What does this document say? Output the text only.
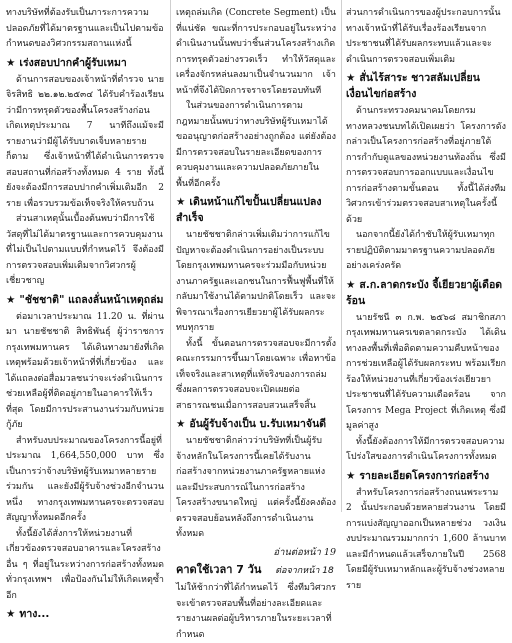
ทางบริษัทที่ต้องรับเป็นภาระการความปลอดภัยที่ได้มาตรฐานและเป็นไปตามข้อกำหนดของวิศวกรรมสถานแห่งนี้

★ เร่งสอบปากคำผู้รับเหมา

ด้านการสอบของเจ้าหน้าที่ตำรวจ นายจิรสิทธิ ๒๒.๑๒.๒๕๓๔ ได้รับคำร้องเรียนว่ามีการทรุดตัวของพื้นโครงสร้างก่อนเกิดเหตุประมาณ 7 นาทีถึงแม้จะมีรายงานว่ามีผู้ได้รับบาดเจ็บหลายรายก็ตาม ซึ่งเจ้าหน้าที่ได้ดำเนินการตรวจสอบสถานที่ก่อสร้างทั้งหมด 4 ราย ทั้งนี้ยังจะต้องมีการสอบปากคำเพิ่มเติมอีก 2 ราย เพื่อรวบรวมข้อเท็จจริงให้ครบถ้วน

ส่วนสาเหตุนั้นเบื้องต้นพบว่ามีการใช้วัสดุที่ไม่ได้มาตรฐานและการควบคุมงานที่ไม่เป็นไปตามแบบที่กำหนดไว้ จึงต้องมีการตรวจสอบเพิ่มเติมจากวิศวกรผู้เชี่ยวชาญ

★ "ชัชชาติ" แถลงลั่นหน้าเหตุถล่ม

ต่อมาเวลาประมาณ 11.20 น. ที่ผ่านมา นายชัชชาติ สิทธิพันธุ์ ผู้ว่าราชการกรุงเทพมหานคร ได้เดินทางมายังที่เกิดเหตุพร้อมด้วยเจ้าหน้าที่ที่เกี่ยวข้อง และได้แถลงต่อสื่อมวลชนว่าจะเร่งดำเนินการช่วยเหลือผู้ที่ติดอยู่ภายในอาคารให้เร็วที่สุด โดยมีการประสานงานร่วมกับหน่วยกู้ภัย

สำหรับงบประมาณของโครงการนี้อยู่ที่ประมาณ 1,664,550,000 บาท ซึ่งเป็นการว่าจ้างบริษัทผู้รับเหมาหลายรายร่วมกัน และยังมีผู้รับจ้างช่วงอีกจำนวนหนึ่ง ทางกรุงเทพมหานครจะตรวจสอบสัญญาทั้งหมดอีกครั้ง

ทั้งนี้ยังได้สั่งการให้หน่วยงานที่เกี่ยวข้องตรวจสอบอาคารและโครงสร้างอื่น ๆ ที่อยู่ในระหว่างการก่อสร้างทั้งหมดทั่วกรุงเทพฯ เพื่อป้องกันไม่ให้เกิดเหตุซ้ำอีก

★ ทาง...

เหตุถล่มเกิด (Concrete Segment) เป็นที่แน่ชัด ขณะที่การประกอบอยู่ในระหว่างดำเนินงานนั้นพบว่าชิ้นส่วนโครงสร้างเกิดการทรุดตัวอย่างรวดเร็ว ทำให้วัสดุและเครื่องจักรหล่นลงมาเป็นจำนวนมาก เจ้าหน้าที่จึงได้ปิดการจราจรโดยรอบทันที

ในส่วนของการดำเนินการตามกฎหมายนั้นพบว่าทางบริษัทผู้รับเหมาได้ขออนุญาตก่อสร้างอย่างถูกต้อง แต่ยังต้องมีการตรวจสอบในรายละเอียดของการควบคุมงานและความปลอดภัยภายในพื้นที่อีกครั้ง

★ เดินหน้าแก้ไขปั้นเปลี่ยนแปลงสำเร็จ

นายชัชชาติกล่าวเพิ่มเติมว่าการแก้ไขปัญหาจะต้องดำเนินการอย่างเป็นระบบ โดยกรุงเทพมหานครจะร่วมมือกับหน่วยงานภาครัฐและเอกชนในการฟื้นฟูพื้นที่ให้กลับมาใช้งานได้ตามปกติโดยเร็ว และจะพิจารณาเรื่องการเยียวยาผู้ได้รับผลกระทบทุกราย

ทั้งนี้ ขั้นตอนการตรวจสอบจะมีการตั้งคณะกรรมการขึ้นมาโดยเฉพาะ เพื่อหาข้อเท็จจริงและสาเหตุที่แท้จริงของการถล่ม ซึ่งผลการตรวจสอบจะเปิดเผยต่อสาธารณชนเมื่อการสอบสวนเสร็จสิ้น

★ อันผู้รับจ้างเป็น บ.รับเหมาจันดี

นายชัชชาติกล่าวว่าบริษัทที่เป็นผู้รับจ้างหลักในโครงการนี้เคยได้รับงานก่อสร้างจากหน่วยงานภาครัฐหลายแห่ง และมีประสบการณ์ในการก่อสร้างโครงสร้างขนาดใหญ่ แต่ครั้งนี้ยังคงต้องตรวจสอบย้อนหลังถึงการดำเนินงานทั้งหมด

อ่านต่อหน้า 19
คาดใช้เวลา 7 วัน ต่อจากหน้า 18

ไม่ให้ช้ากว่าที่ได้กำหนดไว้ ซึ่งทีมวิศวกรจะเข้าตรวจสอบพื้นที่อย่างละเอียดและรายงานผลต่อผู้บริหารภายในระยะเวลาที่กำหนด

ส่วนการดำเนินการของผู้ประกอบการนั้น ทางเจ้าหน้าที่ได้รับเรื่องร้องเรียนจากประชาชนที่ได้รับผลกระทบแล้วและจะดำเนินการตรวจสอบเพิ่มเติม

★ สั่นไร้สาระ ชาวสลัมเปลี่ยนเงื่อนไขก่อสร้าง

ด้านกระทรวงคมนาคมโดยกรมทางหลวงชนบทได้เปิดเผยว่า โครงการดังกล่าวเป็นโครงการก่อสร้างที่อยู่ภายใต้การกำกับดูแลของหน่วยงานท้องถิ่น ซึ่งมีการตรวจสอบการออกแบบและเงื่อนไขการก่อสร้างตามขั้นตอน ทั้งนี้ได้ส่งทีมวิศวกรเข้าร่วมตรวจสอบสาเหตุในครั้งนี้ด้วย

นอกจากนี้ยังได้กำชับให้ผู้รับเหมาทุกรายปฏิบัติตามมาตรฐานความปลอดภัยอย่างเคร่งครัด

★ ส.ก.ลาดกระบัง จี้เยียวยาผู้เดือดร้อน

นายรัชนี ๓ ก.พ. ๒๕๖๘ สมาชิกสภากรุงเทพมหานครเขตลาดกระบัง ได้เดินทางลงพื้นที่เพื่อติดตามความคืบหน้าของการช่วยเหลือผู้ได้รับผลกระทบ พร้อมเรียกร้องให้หน่วยงานที่เกี่ยวข้องเร่งเยียวยาประชาชนที่ได้รับความเดือดร้อน จากโครงการ Mega Project ที่เกิดเหตุ ซึ่งมีมูลค่าสูง

ทั้งนี้ยังต้องการให้มีการตรวจสอบความโปร่งใสของการดำเนินโครงการทั้งหมด

★ รายละเอียดโครงการก่อสร้าง

สำหรับโครงการก่อสร้างถนนพระราม 2 นั้นประกอบด้วยหลายส่วนงาน โดยมีการแบ่งสัญญาออกเป็นหลายช่วง วงเงินงบประมาณรวมมากกว่า 1,600 ล้านบาท และมีกำหนดแล้วเสร็จภายในปี 2568 โดยมีผู้รับเหมาหลักและผู้รับจ้างช่วงหลายราย
